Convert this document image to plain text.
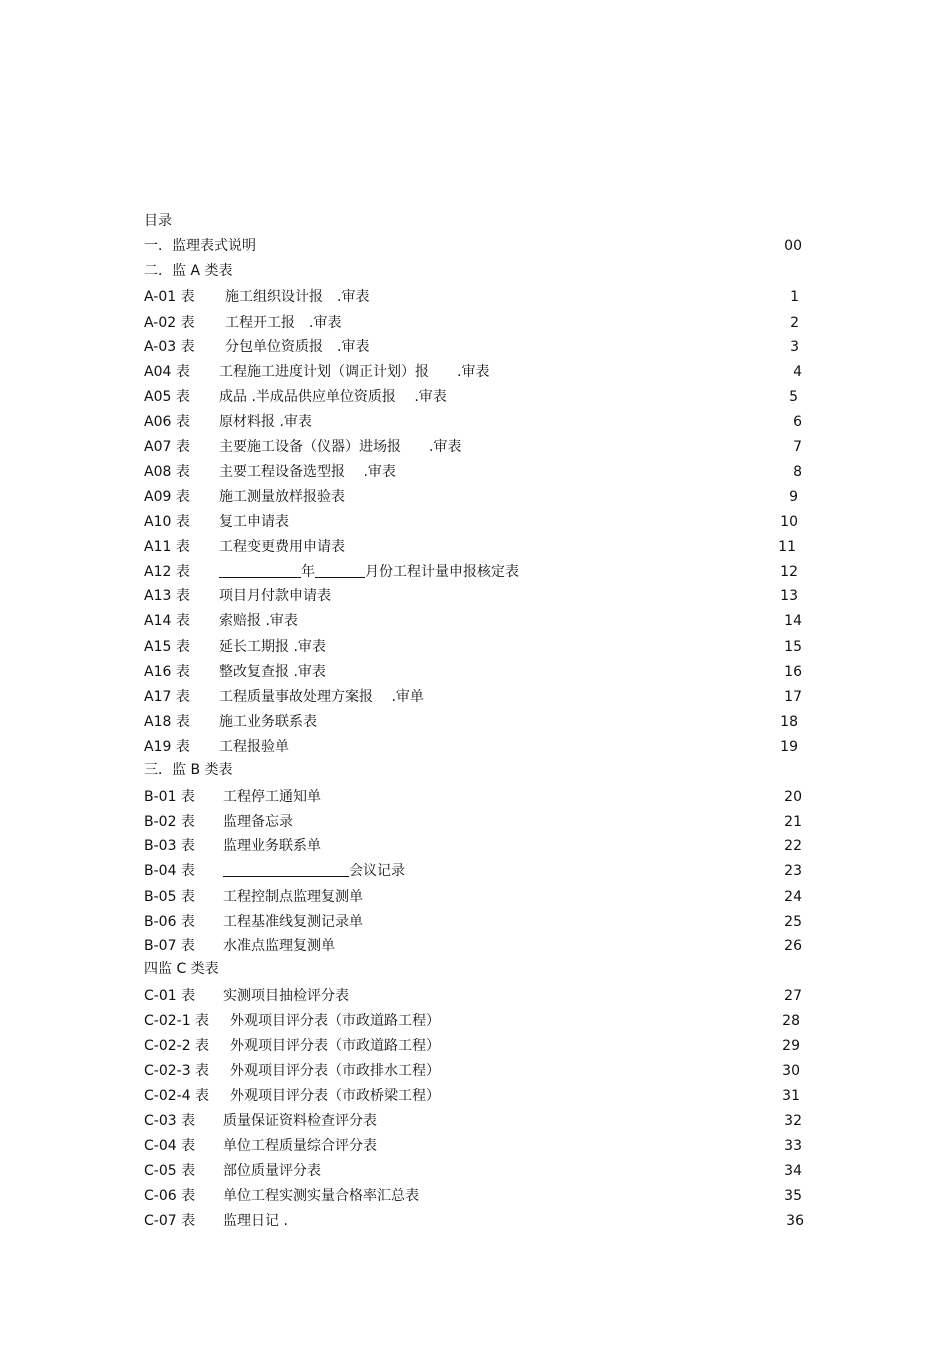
目录
一．监理表式说明	00
二．监 A 类表
A-01 表 施工组织设计报　.审表	1
A-02 表 工程开工报　.审表	2
A-03 表 分包单位资质报　.审表	3
A04 表 工程施工进度计划（调正计划）报　　.审表	4
A05 表 成品 .半成品供应单位资质报　 .审表	5
A06 表 原材料报 .审表	6
A07 表 主要施工设备（仪器）进场报　　.审表	7
A08 表 主要工程设备选型报　 .审表	8
A09 表 施工测量放样报验表	9
A10 表 复工申请表	10
A11 表 工程变更费用申请表	11
A12 表	年	月份工程计量申报核定表	12
A13 表 项目月付款申请表	13
A14 表 索赔报 .审表	14
A15 表 延长工期报 .审表	15
A16 表 整改复查报 .审表	16
A17 表 工程质量事故处理方案报　 .审单	17
A18 表 施工业务联系表	18
A19 表 工程报验单	19
三．监 B 类表
B-01 表 工程停工通知单	20
B-02 表 监理备忘录	21
B-03 表 监理业务联系单	22
B-04 表	会议记录	23
B-05 表 工程控制点监理复测单	24
B-06 表 工程基准线复测记录单	25
B-07 表 水准点监理复测单	26
四监 C 类表
C-01 表 实测项目抽检评分表	27
C-02-1 表 外观项目评分表（市政道路工程）	28
C-02-2 表 外观项目评分表（市政道路工程）	29
C-02-3 表 外观项目评分表（市政排水工程）	30
C-02-4 表 外观项目评分表（市政桥梁工程）	31
C-03 表 质量保证资料检查评分表	32
C-04 表 单位工程质量综合评分表	33
C-05 表 部位质量评分表	34
C-06 表 单位工程实测实量合格率汇总表	35
C-07 表 监理日记 .	36
